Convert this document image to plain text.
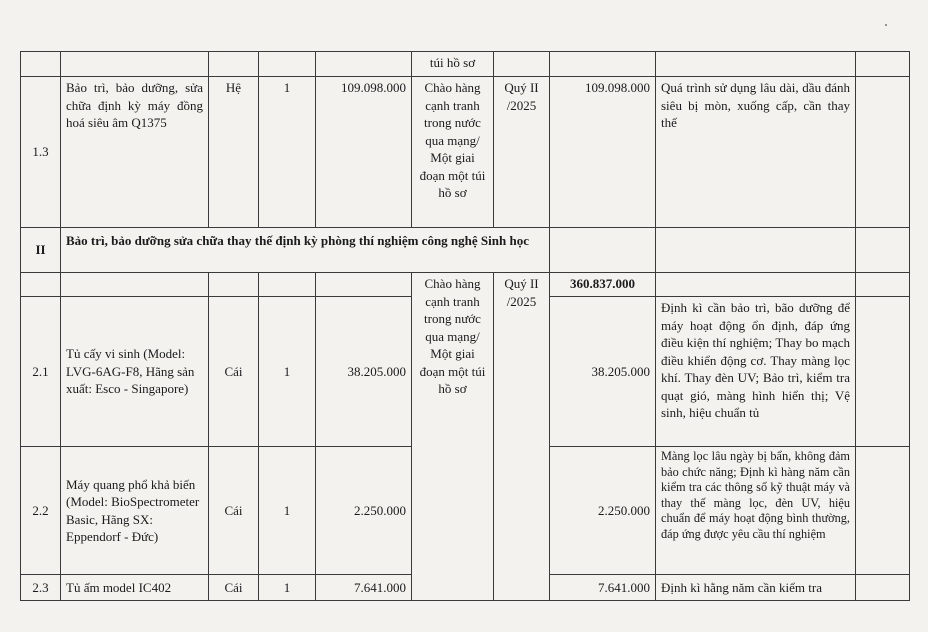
					túi hồ sơ				
1.3	Bảo trì, bảo dưỡng, sửa chữa định kỳ máy đồng hoá siêu âm Q1375	Hệ	1	109.098.000	Chào hàng cạnh tranh trong nước qua mạng/ Một giai đoạn một túi hồ sơ	Quý II /2025	109.098.000	Quá trình sử dụng lâu dài, dầu đánh siêu bị mòn, xuống cấp, cần thay thế	
II	Bảo trì, bảo dưỡng sửa chữa thay thế định kỳ phòng thí nghiệm công nghệ Sinh học								
					Chào hàng cạnh tranh trong nước qua mạng/ Một giai đoạn một túi hồ sơ	Quý II /2025	360.837.000		
2.1	Tủ cấy vi sinh (Model: LVG-6AG-F8, Hãng sản xuất: Esco - Singapore)	Cái	1	38.205.000			38.205.000	Định kì cần bảo trì, bão dưỡng để máy hoạt động ổn định, đáp ứng điều kiện thí nghiệm; Thay bo mạch điều khiển động cơ. Thay màng lọc khí. Thay đèn UV; Bảo trì, kiểm tra quạt gió, màng hình hiển thị; Vệ sinh, hiệu chuẩn tủ	
2.2	Máy quang phổ khả biến (Model: BioSpectrometer Basic, Hãng SX: Eppendorf - Đức)	Cái	1	2.250.000			2.250.000	Màng lọc lâu ngày bị bẩn, không đảm bảo chức năng; Định kì hàng năm cần kiểm tra các thông số kỹ thuật máy và thay thế màng lọc, đèn UV, hiệu chuẩn để máy hoạt động bình thường, đáp ứng được yêu cầu thí nghiệm	
2.3	Tủ ấm model IC402	Cái	1	7.641.000			7.641.000	Định kì hằng năm cần kiểm tra	
